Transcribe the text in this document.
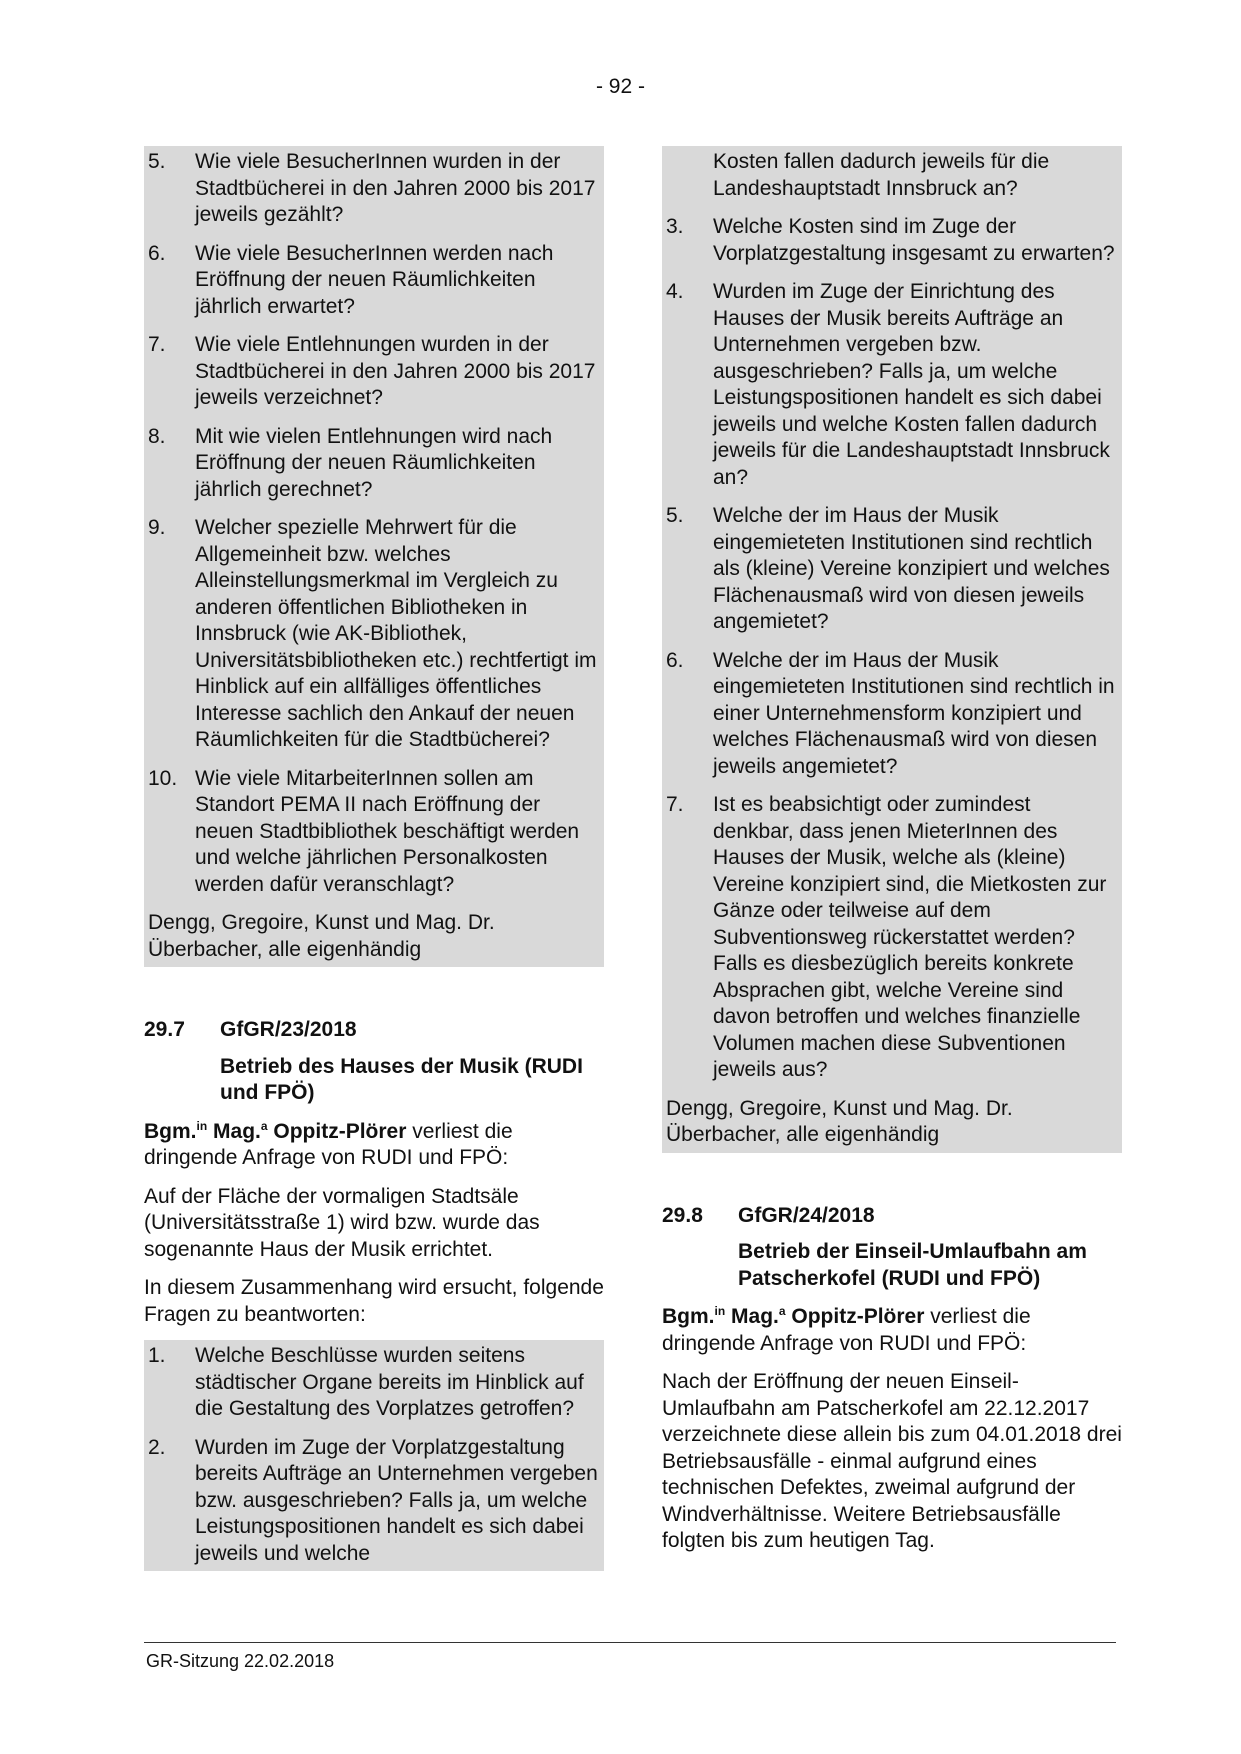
- 92 -
5.	Wie viele BesucherInnen wurden in der Stadtbücherei in den Jahren 2000 bis 2017 jeweils gezählt?
6.	Wie viele BesucherInnen werden nach Eröffnung der neuen Räumlichkeiten jährlich erwartet?
7.	Wie viele Entlehnungen wurden in der Stadtbücherei in den Jahren 2000 bis 2017 jeweils verzeichnet?
8.	Mit wie vielen Entlehnungen wird nach Eröffnung der neuen Räumlichkeiten jährlich gerechnet?
9.	Welcher spezielle Mehrwert für die Allgemeinheit bzw. welches Alleinstellungsmerkmal im Vergleich zu anderen öffentlichen Bibliotheken in Innsbruck (wie AK-Bibliothek, Universitätsbibliotheken etc.) rechtfertigt im Hinblick auf ein allfälliges öffentliches Interesse sachlich den Ankauf der neuen Räumlichkeiten für die Stadtbücherei?
10. Wie viele MitarbeiterInnen sollen am Standort PEMA II nach Eröffnung der neuen Stadtbibliothek beschäftigt werden und welche jährlichen Personalkosten werden dafür veranschlagt?
Dengg, Gregoire, Kunst und Mag. Dr. Überbacher, alle eigenhändig
29.7	GfGR/23/2018
Betrieb des Hauses der Musik (RUDI und FPÖ)

Bgm.$^{in}$ Mag.$^a$ Oppitz-Plörer verliest die dringende Anfrage von RUDI und FPÖ:

Auf der Fläche der vormaligen Stadtsäle (Universitätsstraße 1) wird bzw. wurde das sogenannte Haus der Musik errichtet.

In diesem Zusammenhang wird ersucht, folgende Fragen zu beantworten:

1.	Welche Beschlüsse wurden seitens städtischer Organe bereits im Hinblick auf die Gestaltung des Vorplatzes getroffen?
2.	Wurden im Zuge der Vorplatzgestaltung bereits Aufträge an Unternehmen vergeben bzw. ausgeschrieben? Falls ja, um welche Leistungspositionen handelt es sich dabei jeweils und welche
Kosten fallen dadurch jeweils für die Landeshauptstadt Innsbruck an?
3.	Welche Kosten sind im Zuge der Vorplatzgestaltung insgesamt zu erwarten?
4.	Wurden im Zuge der Einrichtung des Hauses der Musik bereits Aufträge an Unternehmen vergeben bzw. ausgeschrieben? Falls ja, um welche Leistungspositionen handelt es sich dabei jeweils und welche Kosten fallen dadurch jeweils für die Landeshauptstadt Innsbruck an?
5.	Welche der im Haus der Musik eingemieteten Institutionen sind rechtlich als (kleine) Vereine konzipiert und welches Flächenausmaß wird von diesen jeweils angemietet?
6.	Welche der im Haus der Musik eingemieteten Institutionen sind rechtlich in einer Unternehmensform konzipiert und welches Flächenausmaß wird von diesen jeweils angemietet?
7.	Ist es beabsichtigt oder zumindest denkbar, dass jenen MieterInnen des Hauses der Musik, welche als (kleine) Vereine konzipiert sind, die Mietkosten zur Gänze oder teilweise auf dem Subventionsweg rückerstattet werden? Falls es diesbezüglich bereits konkrete Absprachen gibt, welche Vereine sind davon betroffen und welches finanzielle Volumen machen diese Subventionen jeweils aus?
Dengg, Gregoire, Kunst und Mag. Dr. Überbacher, alle eigenhändig
29.8	GfGR/24/2018
Betrieb der Einseil-Umlaufbahn am Patscherkofel (RUDI und FPÖ)

Bgm.$^{in}$ Mag.$^a$ Oppitz-Plörer verliest die dringende Anfrage von RUDI und FPÖ:

Nach der Eröffnung der neuen Einseil-Umlaufbahn am Patscherkofel am 22.12.2017 verzeichnete diese allein bis zum 04.01.2018 drei Betriebsausfälle - einmal aufgrund eines technischen Defektes, zweimal aufgrund der Windverhältnisse. Weitere Betriebsausfälle folgten bis zum heutigen Tag.

GR-Sitzung 22.02.2018
